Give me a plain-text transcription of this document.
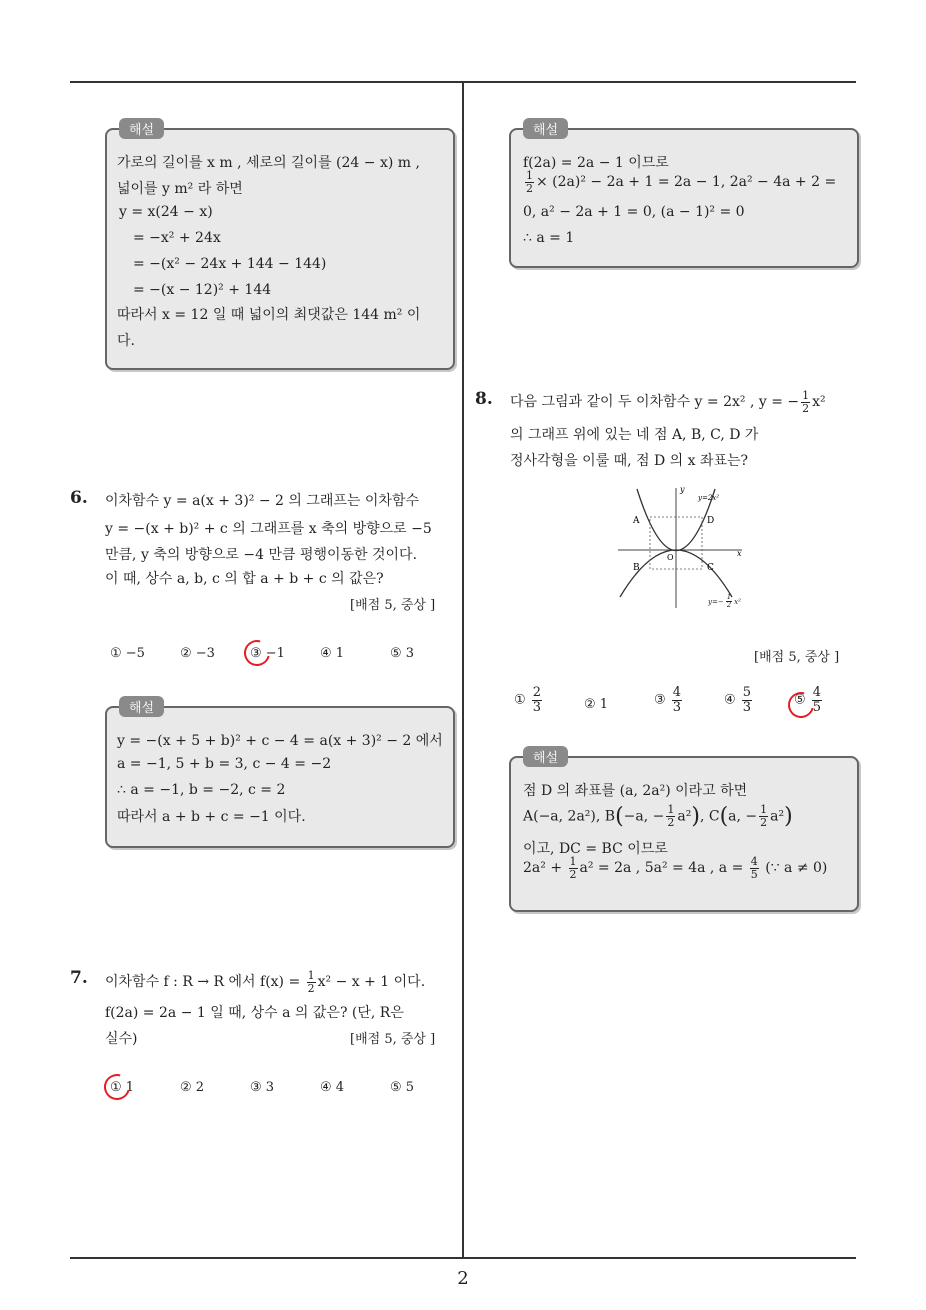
2
해설
가로의 길이를 x m , 세로의 길이를 (24 − x) m ,
넓이를 y m² 라 하면
y = x(24 − x)
= −x² + 24x
= −(x² − 24x + 144 − 144)
= −(x − 12)² + 144
따라서 x = 12 일 때 넓이의 최댓값은 144 m² 이
다.
6. 이차함수 y = a(x + 3)² − 2 의 그래프는 이차함수
y = −(x + b)² + c 의 그래프를 x 축의 방향으로 −5
만큼, y 축의 방향으로 −4 만큼 평행이동한 것이다.
이 때, 상수 a, b, c 의 합 a + b + c 의 값은?
[배점 5, 중상 ]
① −5	② −3	③ −1	④ 1	⑤ 3
해설
y = −(x + 5 + b)² + c − 4 = a(x + 3)² − 2 에서
a = −1, 5 + b = 3, c − 4 = −2
∴ a = −1, b = −2, c = 2
따라서 a + b + c = −1 이다.
7. 이차함수 f : R → R 에서 $f(x) = \frac{1}{2} x^2 - x + 1$ 이다.
f(2a) = 2a − 1 일 때, 상수 a 의 값은? (단, R은
실수)	[배점 5, 중상 ]
① 1	② 2	③ 3	④ 4	⑤ 5
해설
f(2a) = 2a − 1 이므로
$\frac{1}{2} \times (2a)^2 - 2a + 1 = 2a - 1$, 2a² − 4a + 2 =
0, a² − 2a + 1 = 0, (a − 1)² = 0
∴ a = 1
8. 다음 그림과 같이 두 이차함수 y = 2x² , y = − $\frac{1}{2} x^2$
의 그래프 위에 있는 네 점 A, B, C, D 가
정사각형을 이룰 때, 점 D 의 x 좌표는?
y
x
O
A	D
B	C
y=2x²
$y=- \frac{1}{2} x^2$
[배점 5, 중상 ]
① $\frac{2}{3}$	② 1	③ $\frac{4}{3}$	④ $\frac{5}{3}$	⑤ $\frac{4}{5}$
해설
점 D 의 좌표를 (a, 2a²) 이라고 하면
A(−a, 2a²), B(−a, − $\frac{1}{2} a^2$), C(a, − $\frac{1}{2} a^2$)
이고, DC = BC 이므로
$2a^2 + \frac{1}{2} a^2 = 2a$ , 5a² = 4a , $a = \frac{4}{5}$ (∵ a ≠ 0)
